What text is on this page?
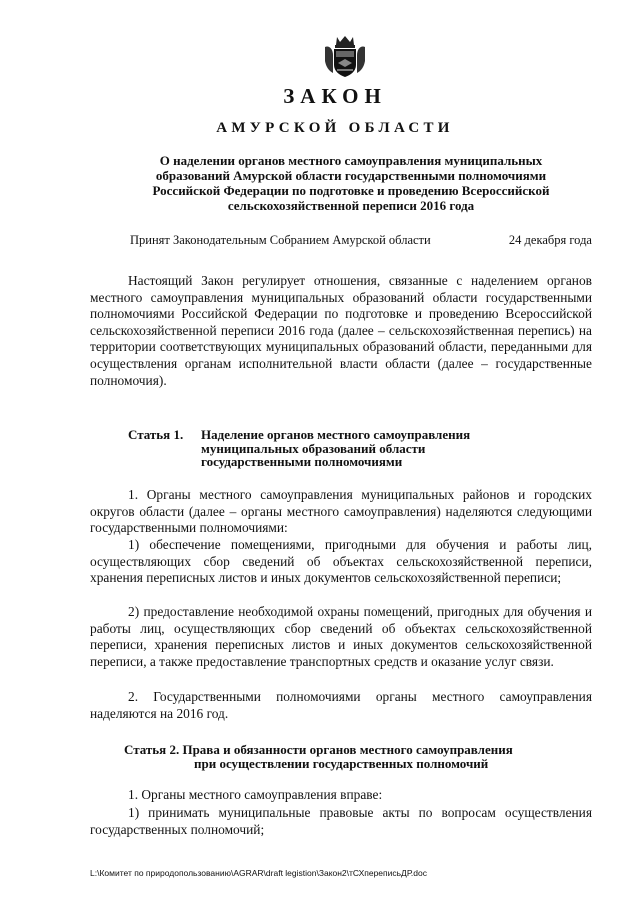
ЗАКОН
АМУРСКОЙ ОБЛАСТИ
О наделении органов местного самоуправления муниципальных
образований Амурской области государственными полномочиями
Российской Федерации по подготовке и проведению Всероссийской
сельскохозяйственной переписи 2016 года
Принят Законодательным Собранием Амурской области	24 декабря года
Настоящий Закон регулирует отношения, связанные с наделением органов местного самоуправления муниципальных образований области государственными полномочиями Российской Федерации по подготовке и проведению Всероссийской сельскохозяйственной переписи 2016 года (далее – сельскохозяйственная перепись) на территории соответствующих муниципальных образований области, переданными для осуществления органам исполнительной власти области (далее – государственные полномочия).
Статья 1.	Наделение органов местного самоуправления
муниципальных образований области
государственными полномочиями
1. Органы местного самоуправления муниципальных районов и городских округов области (далее – органы местного самоуправления) наделяются следующими государственными полномочиями:
1) обеспечение помещениями, пригодными для обучения и работы лиц, осуществляющих сбор сведений об объектах сельскохозяйственной переписи, хранения переписных листов и иных документов сельскохозяйственной переписи;
2) предоставление необходимой охраны помещений, пригодных для обучения и работы лиц, осуществляющих сбор сведений об объектах сельскохозяйственной переписи, хранения переписных листов и иных документов сельскохозяйственной переписи, а также предоставление транспортных средств и оказание услуг связи.
2. Государственными полномочиями органы местного самоуправления наделяются на 2016 год.
Статья 2. Права и обязанности органов местного самоуправления
при осуществлении государственных полномочий
1. Органы местного самоуправления вправе:
1) принимать муниципальные правовые акты по вопросам осуществления государственных полномочий;
L:\Комитет по природопользованию\AGRAR\draft legistion\Закон2\тСХпереписьДР.doc
